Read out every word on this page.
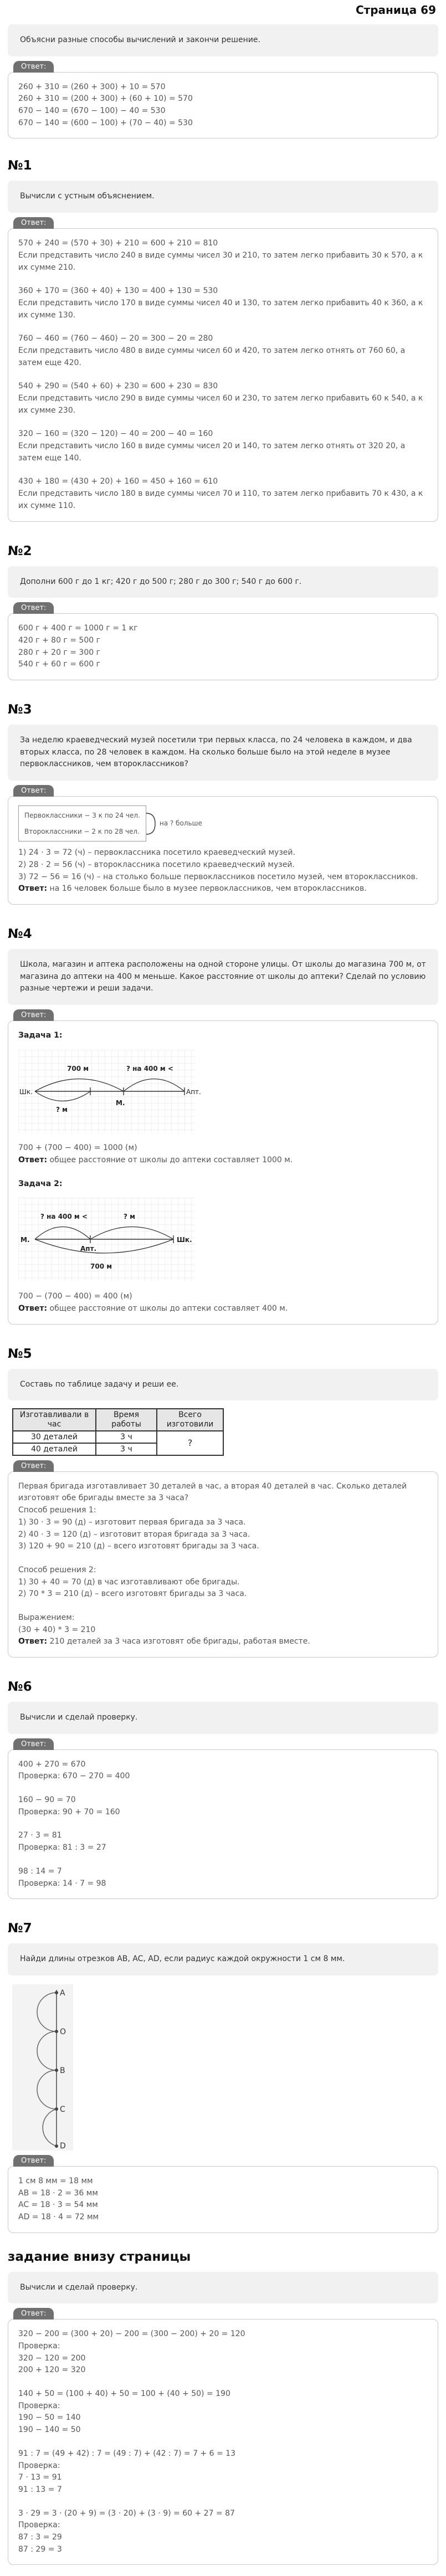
Страница 69
Объясни разные способы вычислений и закончи решение.
Ответ:
260 + 310 = (260 + 300) + 10 = 570
260 + 310 = (200 + 300) + (60 + 10) = 570
670 − 140 = (670 − 100) − 40 = 530
670 − 140 = (600 − 100) + (70 − 40) = 530
№1
Вычисли с устным объяснением.
Ответ:
570 + 240 = (570 + 30) + 210 = 600 + 210 = 810
Если представить число 240 в виде суммы чисел 30 и 210, то затем легко прибавить 30 к 570, а к их сумме 210.
360 + 170 = (360 + 40) + 130 = 400 + 130 = 530
Если представить число 170 в виде суммы чисел 40 и 130, то затем легко прибавить 40 к 360, а к их сумме 130.
760 − 460 = (760 − 460) − 20 = 300 − 20 = 280
Если представить число 480 в виде суммы чисел 60 и 420, то затем легко отнять от 760 60, а затем еще 420.
540 + 290 = (540 + 60) + 230 = 600 + 230 = 830
Если представить число 290 в виде суммы чисел 60 и 230, то затем легко прибавить 60 к 540, а к их сумме 230.
320 − 160 = (320 − 120) − 40 = 200 − 40 = 160
Если представить число 160 в виде суммы чисел 20 и 140, то затем легко отнять от 320 20, а затем еще 140.
430 + 180 = (430 + 20) + 160 = 450 + 160 = 610
Если представить число 180 в виде суммы чисел 70 и 110, то затем легко прибавить 70 к 430, а к их сумме 110.
№2
Дополни 600 г до 1 кг; 420 г до 500 г; 280 г до 300 г; 540 г до 600 г.
Ответ:
600 г + 400 г = 1000 г = 1 кг
420 г + 80 г = 500 г
280 г + 20 г = 300 г
540 г + 60 г = 600 г
№3
За неделю краеведческий музей посетили три первых класса, по 24 человека в каждом, и два вторых класса, по 28 человек в каждом. На сколько больше было на этой неделе в музее первоклассников, чем второклассников?
Ответ:
Первоклассники − 3 к по 24 чел.
Второклассники − 2 к по 28 чел.
на ? больше
1) 24 · 3 = 72 (ч) – первоклассника посетило краеведческий музей.
2) 28 · 2 = 56 (ч) – второклассника посетило краеведческий музей.
3) 72 − 56 = 16 (ч) – на столько больше первоклассников посетило музей, чем второклассников.
Ответ: на 16 человек больше было в музее первоклассников, чем второклассников.
№4
Школа, магазин и аптека расположены на одной стороне улицы. От школы до магазина 700 м, от магазина до аптеки на 400 м меньше. Какое расстояние от школы до аптеки? Сделай по условию разные чертежи и реши задачи.
Ответ:
Задача 1:
700 м	? на 400 м <
? м
Шк.
М.
Апт.
700 + (700 − 400) = 1000 (м)
Ответ: общее расстояние от школы до аптеки составляет 1000 м.
Задача 2:
? на 400 м <	? м
700 м
М.
Апт.
Шк.
700 − (700 − 400) = 400 (м)
Ответ: общее расстояние от школы до аптеки составляет 400 м.
№5
Составь по таблице задачу и реши ее.
Изготавливали в час	Время работы	Всего изготовили
30 деталей	3 ч	?
40 деталей	3 ч	
Ответ:
Первая бригада изготавливает 30 деталей в час, а вторая 40 деталей в час. Сколько деталей изготовят обе бригады вместе за 3 часа?
Способ решения 1:
1) 30 · 3 = 90 (д) – изготовит первая бригада за 3 часа.
2) 40 · 3 = 120 (д) – изготовит вторая бригада за 3 часа.
3) 120 + 90 = 210 (д) – всего изготовят бригады за 3 часа.
Способ решения 2:
1) 30 + 40 = 70 (д) в час изготавливают обе бригады.
2) 70 * 3 = 210 (д) – всего изготовят бригады за 3 часа.
Выражением:
(30 + 40) * 3 = 210
Ответ: 210 деталей за 3 часа изготовят обе бригады, работая вместе.
№6
Вычисли и сделай проверку.
Ответ:
400 + 270 = 670
Проверка: 670 − 270 = 400
160 − 90 = 70
Проверка: 90 + 70 = 160
27 · 3 = 81
Проверка: 81 : 3 = 27
98 : 14 = 7
Проверка: 14 · 7 = 98
№7
Найди длины отрезков AB, AC, AD, если радиус каждой окружности 1 см 8 мм.
A
O
B
C
D
Ответ:
1 см 8 мм = 18 мм
AB = 18 · 2 = 36 мм
AC = 18 · 3 = 54 мм
AD = 18 · 4 = 72 мм
задание внизу страницы
Вычисли и сделай проверку.
Ответ:
320 − 200 = (300 + 20) − 200 = (300 − 200) + 20 = 120
Проверка:
320 − 120 = 200
200 + 120 = 320
140 + 50 = (100 + 40) + 50 = 100 + (40 + 50) = 190
Проверка:
190 − 50 = 140
190 − 140 = 50
91 : 7 = (49 + 42) : 7 = (49 : 7) + (42 : 7) = 7 + 6 = 13
Проверка:
7 · 13 = 91
91 : 13 = 7
3 · 29 = 3 · (20 + 9) = (3 · 20) + (3 · 9) = 60 + 27 = 87
Проверка:
87 : 3 = 29
87 : 29 = 3
